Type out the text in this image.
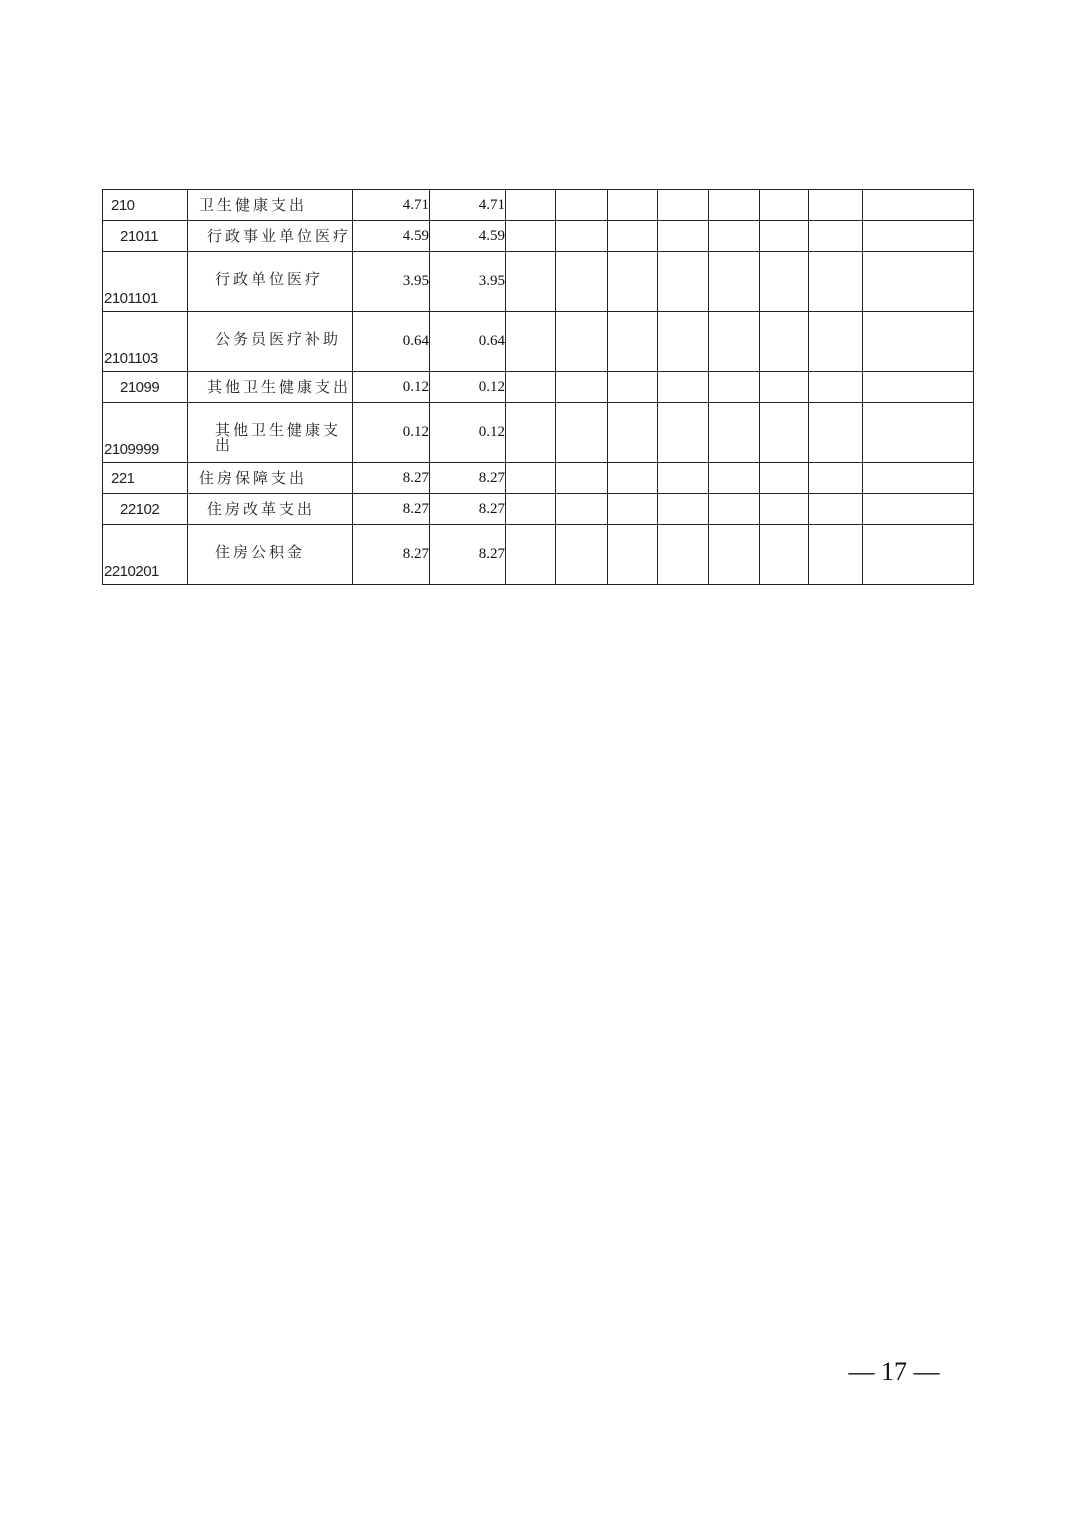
210	卫生健康支出	4.71	4.71								
21011	行政事业单位医疗	4.59	4.59								
2101101	行政单位医疗	3.95	3.95								
2101103	公务员医疗补助	0.64	0.64								
21099	其他卫生健康支出	0.12	0.12								
2109999	其他卫生健康支出	0.12	0.12								
221	住房保障支出	8.27	8.27								
22102	住房改革支出	8.27	8.27								
2210201	住房公积金	8.27	8.27								
— 17 —
